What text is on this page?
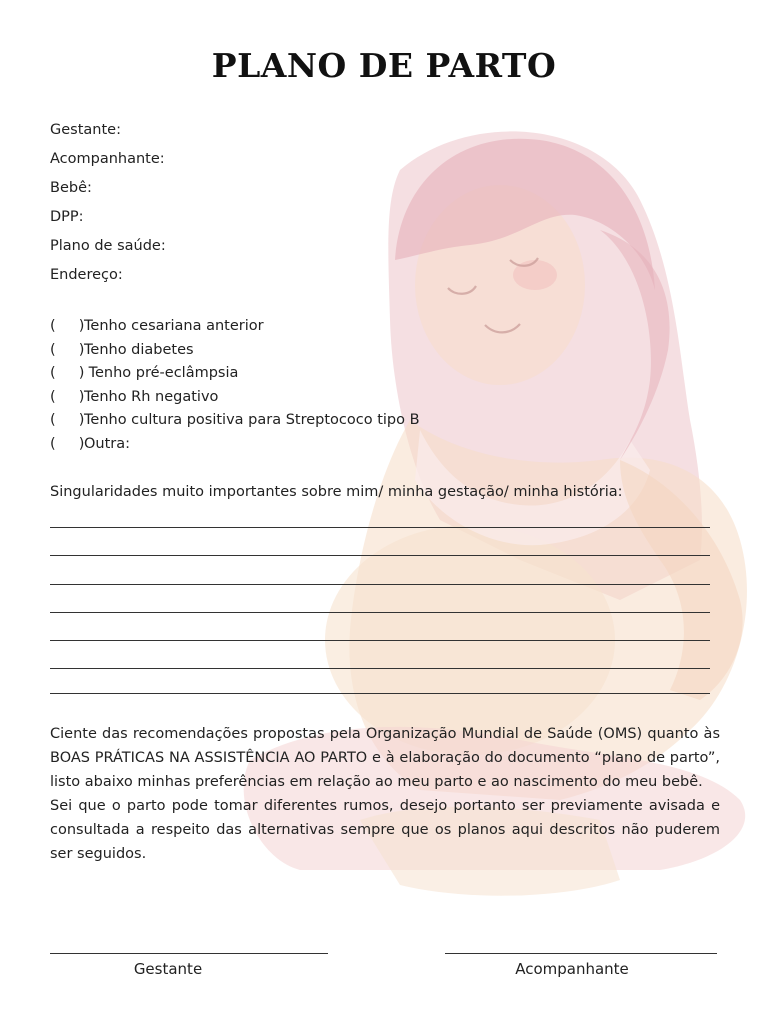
PLANO DE PARTO
Gestante:
Acompanhante:
Bebê:
DPP:
Plano de saúde:
Endereço:
(     )Tenho cesariana anterior
(     )Tenho diabetes
(     ) Tenho pré-eclâmpsia
(     )Tenho Rh negativo
(     )Tenho cultura positiva para Streptococo tipo B
(     )Outra:
Singularidades muito importantes sobre mim/ minha gestação/ minha história:
Ciente das recomendações propostas pela Organização Mundial de Saúde (OMS) quanto às BOAS PRÁTICAS NA ASSISTÊNCIA AO PARTO e à elaboração do documento “plano de parto”, listo abaixo minhas preferências em relação ao meu parto e ao nascimento do meu bebê.
Sei que o parto pode tomar diferentes rumos, desejo portanto ser previamente avisada e consultada a respeito das alternativas sempre que os planos aqui descritos não puderem ser seguidos.
Gestante	Acompanhante
